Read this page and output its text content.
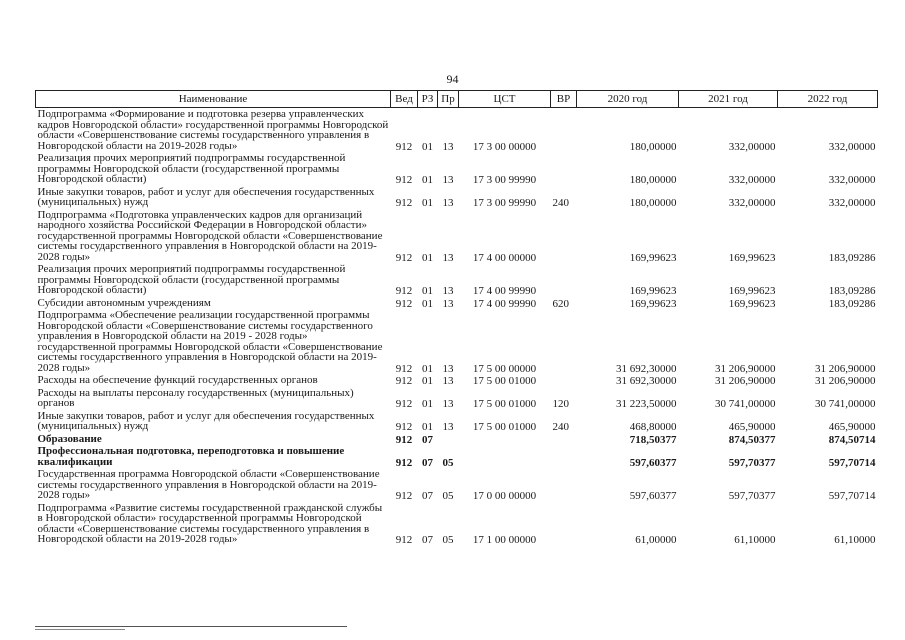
94
Наименование	Вед	РЗ	Пр	ЦСТ	ВР	2020 год	2021 год	2022 год
Подпрограмма «Формирование и подготовка резерва управленческих кадров Новгородской области» государственной программы Новгородской области «Совершенствование системы государственного управления в Новгородской области на 2019-2028 годы»	912	01	13	17 3 00 00000		180,00000	332,00000	332,00000
Реализация прочих мероприятий подпрограммы государственной программы Новгородской области (государственной программы Новгородской области)	912	01	13	17 3 00 99990		180,00000	332,00000	332,00000
Иные закупки товаров, работ и услуг для обеспечения государственных (муниципальных) нужд	912	01	13	17 3 00 99990	240	180,00000	332,00000	332,00000
Подпрограмма «Подготовка управленческих кадров для организаций народного хозяйства Российской Федерации в Новгородской области» государственной программы Новгородской области «Совершенствование системы государственного управления в Новгородской области на 2019-2028 годы»	912	01	13	17 4 00 00000		169,99623	169,99623	183,09286
Реализация прочих мероприятий подпрограммы государственной программы Новгородской области (государственной программы Новгородской области)	912	01	13	17 4 00 99990		169,99623	169,99623	183,09286
Субсидии автономным учреждениям	912	01	13	17 4 00 99990	620	169,99623	169,99623	183,09286
Подпрограмма «Обеспечение реализации государственной программы Новгородской области «Совершенствование системы государственного управления в Новгородской области на 2019 - 2028 годы» государственной программы Новгородской области «Совершенствование системы государственного управления в Новгородской области на 2019-2028 годы»	912	01	13	17 5 00 00000		31 692,30000	31 206,90000	31 206,90000
Расходы на обеспечение функций государственных органов	912	01	13	17 5 00 01000		31 692,30000	31 206,90000	31 206,90000
Расходы на выплаты персоналу государственных (муниципальных) органов	912	01	13	17 5 00 01000	120	31 223,50000	30 741,00000	30 741,00000
Иные закупки товаров, работ и услуг для обеспечения государственных (муниципальных) нужд	912	01	13	17 5 00 01000	240	468,80000	465,90000	465,90000
Образование	912	07				718,50377	874,50377	874,50714
Профессиональная подготовка, переподготовка и повышение квалификации	912	07	05			597,60377	597,70377	597,70714
Государственная программа Новгородской области «Совершенствование системы государственного управления в Новгородской области на 2019-2028 годы»	912	07	05	17 0 00 00000		597,60377	597,70377	597,70714
Подпрограмма «Развитие системы государственной гражданской службы в Новгородской области» государственной программы Новгородской области «Совершенствование системы государственного управления в Новгородской области на 2019-2028 годы»	912	07	05	17 1 00 00000		61,00000	61,10000	61,10000
